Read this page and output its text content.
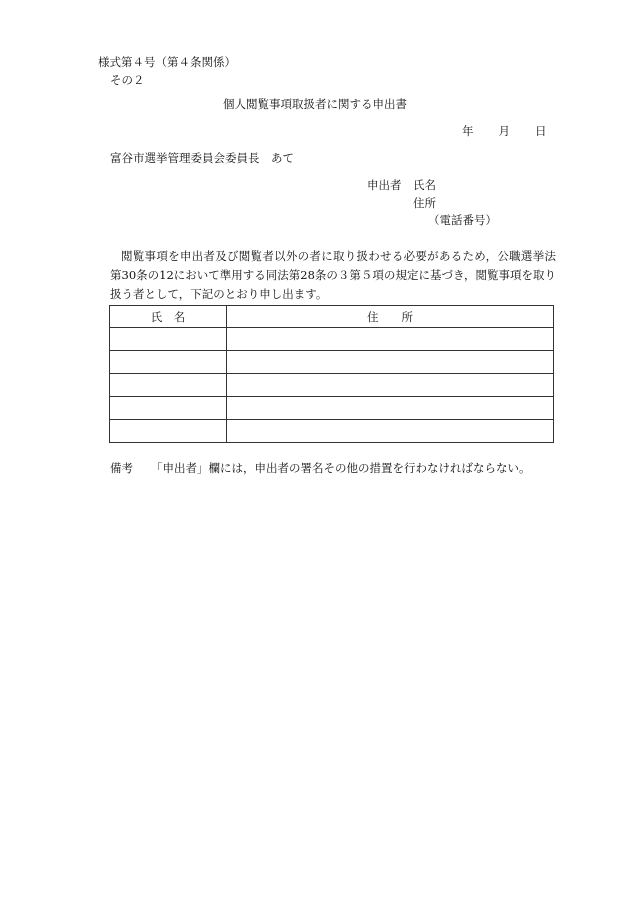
様式第４号（第４条関係）
その２
個人閲覧事項取扱者に関する申出書
年 月 日
富谷市選挙管理委員会委員長　あて
申出者 氏名
住所
（電話番号）
閲覧事項を申出者及び閲覧者以外の者に取り扱わせる必要があるため，公職選挙法第30条の12において準用する同法第28条の３第５項の規定に基づき，閲覧事項を取り扱う者として，下記のとおり申し出ます。
氏　名	住　　所

備考 「申出者」欄には，申出者の署名その他の措置を行わなければならない。
